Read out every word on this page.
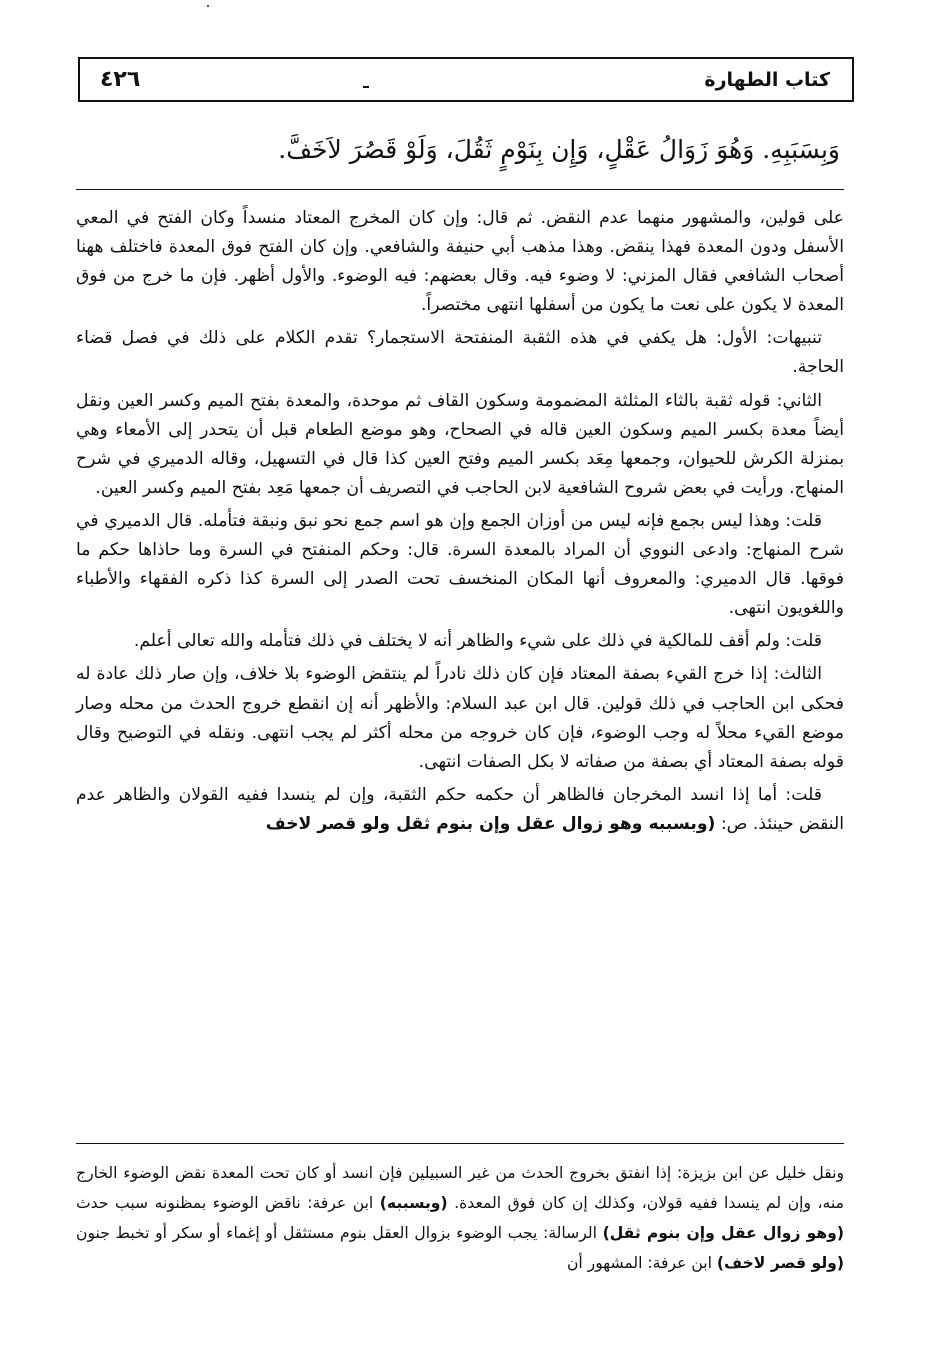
٤٢٦	كتاب الطهارة
وَبِسَبَبِهِ. وَهُوَ زَوَالُ عَقْلٍ، وَإِن بِنَوْمٍ ثَقُلَ، وَلَوْ قَصُرَ لاَخَفَّ.

على قولين، والمشهور منهما عدم النقض. ثم قال: وإن كان المخرج المعتاد منسداً وكان الفتح في المعي الأسفل ودون المعدة فهذا ينقض. وهذا مذهب أبي حنيفة والشافعي. وإن كان الفتح فوق المعدة فاختلف ههنا أصحاب الشافعي فقال المزني: لا وضوء فيه. وقال بعضهم: فيه الوضوء. والأول أظهر. فإن ما خرج من فوق المعدة لا يكون على نعت ما يكون من أسفلها انتهى مختصراً.

تنبيهات: الأول: هل يكفي في هذه الثقبة المنفتحة الاستجمار؟ تقدم الكلام على ذلك في فصل قضاء الحاجة.

الثاني: قوله ثقبة بالثاء المثلثة المضمومة وسكون القاف ثم موحدة، والمعدة بفتح الميم وكسر العين ونقل أيضاً معدة بكسر الميم وسكون العين قاله في الصحاح، وهو موضع الطعام قبل أن يتحدر إلى الأمعاء وهي بمنزلة الكرش للحيوان، وجمعها مِعَد بكسر الميم وفتح العين كذا قال في التسهيل، وقاله الدميري في شرح المنهاج. ورأيت في بعض شروح الشافعية لابن الحاجب في التصريف أن جمعها مَعِد بفتح الميم وكسر العين.

قلت: وهذا ليس بجمع فإنه ليس من أوزان الجمع وإن هو اسم جمع نحو نبق ونبقة فتأمله. قال الدميري في شرح المنهاج: وادعى النووي أن المراد بالمعدة السرة. قال: وحكم المنفتح في السرة وما حاذاها حكم ما فوقها. قال الدميري: والمعروف أنها المكان المنخسف تحت الصدر إلى السرة كذا ذكره الفقهاء والأطباء واللغويون انتهى.

قلت: ولم أقف للمالكية في ذلك على شيء والظاهر أنه لا يختلف في ذلك فتأمله والله تعالى أعلم.

الثالث: إذا خرج القيء بصفة المعتاد فإن كان ذلك نادراً لم ينتقض الوضوء بلا خلاف، وإن صار ذلك عادة له فحكى ابن الحاجب في ذلك قولين. قال ابن عبد السلام: والأظهر أنه إن انقطع خروج الحدث من محله وصار موضع القيء محلاً له وجب الوضوء، فإن كان خروجه من محله أكثر لم يجب انتهى. ونقله في التوضيح وقال قوله بصفة المعتاد أي بصفة من صفاته لا بكل الصفات انتهى.

قلت: أما إذا انسد المخرجان فالظاهر أن حكمه حكم الثقبة، وإن لم ينسدا ففيه القولان والظاهر عدم النقض حينئذ. ص: (وبسببه وهو زوال عقل وإن بنوم ثقل ولو قصر لاخف

ونقل خليل عن ابن بزيزة: إذا انفتق بخروج الحدث من غير السبيلين فإن انسد أو كان تحت المعدة نقض الوضوء الخارج منه، وإن لم ينسدا ففيه قولان، وكذلك إن كان فوق المعدة. (وبسببه) ابن عرفة: ناقض الوضوء بمظنونه سبب حدث (وهو زوال عقل وإن بنوم ثقل) الرسالة: يجب الوضوء بزوال العقل بنوم مستثقل أو إغماء أو سكر أو تخبط جنون (ولو قصر لاخف) ابن عرفة: المشهور أن
